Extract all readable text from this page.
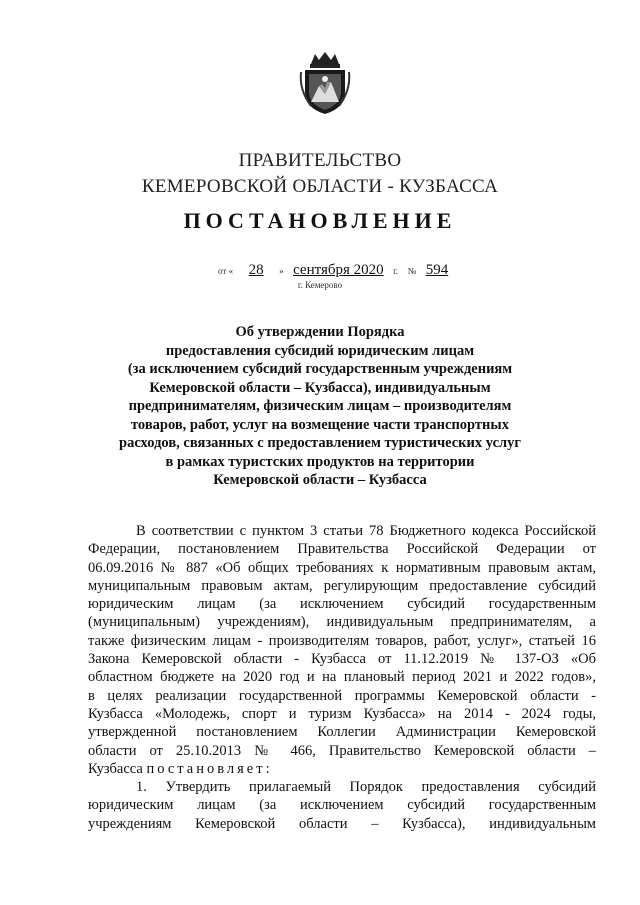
ПРАВИТЕЛЬСТВО
КЕМЕРОВСКОЙ ОБЛАСТИ - КУЗБАССА
ПОСТАНОВЛЕНИЕ
от « 28 » сентября 2020 г. № 594
г. Кемерово
Об утверждении Порядка
предоставления субсидий юридическим лицам
(за исключением субсидий государственным учреждениям
Кемеровской области – Кузбасса), индивидуальным
предпринимателям, физическим лицам – производителям
товаров, работ, услуг на возмещение части транспортных
расходов, связанных с предоставлением туристических услуг
в рамках туристских продуктов на территории
Кемеровской области – Кузбасса
В соответствии с пунктом 3 статьи 78 Бюджетного кодекса Российской
Федерации, постановлением Правительства Российской Федерации от
06.09.2016 № 887 «Об общих требованиях к нормативным правовым актам,
муниципальным правовым актам, регулирующим предоставление субсидий
юридическим лицам (за исключением субсидий государственным
(муниципальным) учреждениям), индивидуальным предпринимателям, а
также физическим лицам - производителям товаров, работ, услуг», статьей 16
Закона Кемеровской области - Кузбасса от 11.12.2019 № 137-ОЗ «Об
областном бюджете на 2020 год и на плановый период 2021 и 2022 годов»,
в целях реализации государственной программы Кемеровской области -
Кузбасса «Молодежь, спорт и туризм Кузбасса» на 2014 - 2024 годы,
утвержденной постановлением Коллегии Администрации Кемеровской
области от 25.10.2013 № 466, Правительство Кемеровской области –
Кузбасса постановляет:
1. Утвердить прилагаемый Порядок предоставления субсидий
юридическим лицам (за исключением субсидий государственным
учреждениям Кемеровской области – Кузбасса), индивидуальным
